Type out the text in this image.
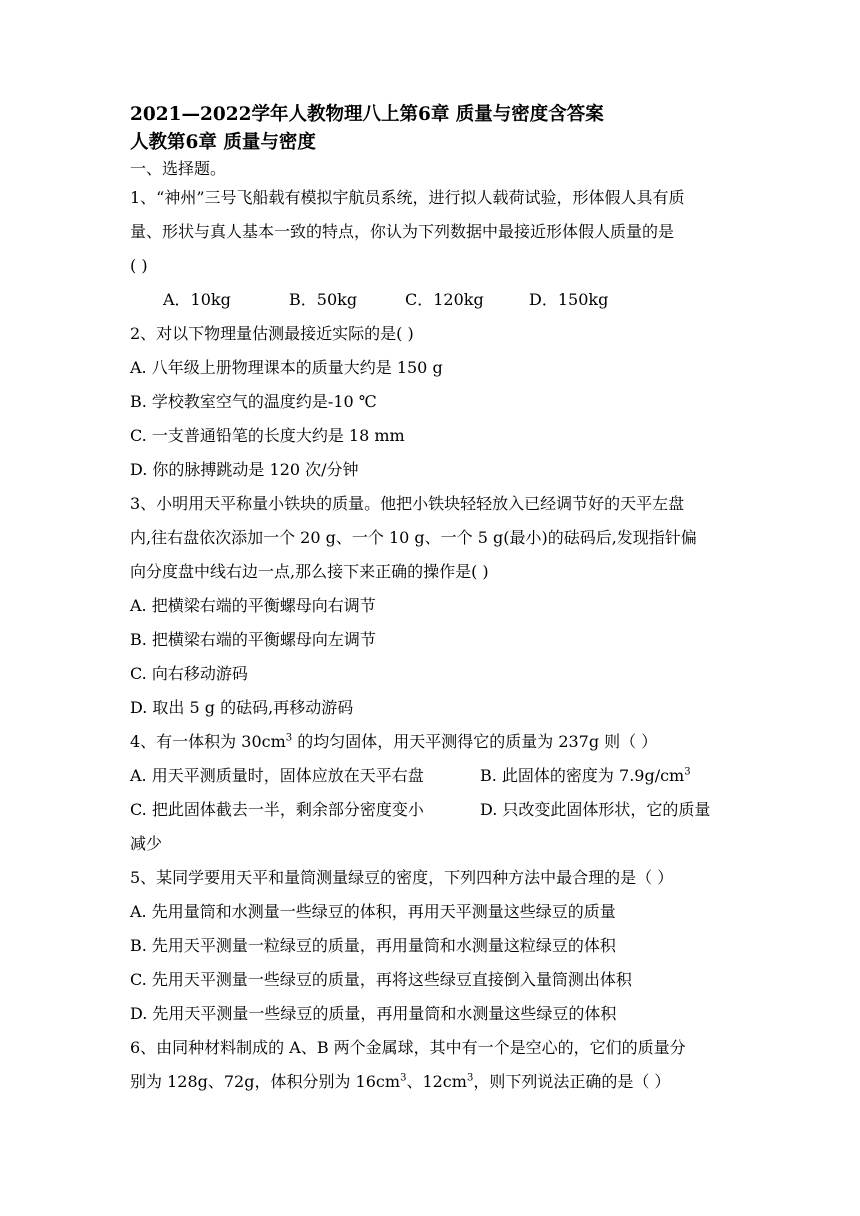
2021—2022学年人教物理八上第6章 质量与密度含答案

人教第6章 质量与密度

一、选择题。

1、“神州”三号飞船载有模拟宇航员系统，进行拟人载荷试验，形体假人具有质

量、形状与真人基本一致的特点，你认为下列数据中最接近形体假人质量的是

( )

A．10kg	B．50kg	C．120kg	D．150kg

2、对以下物理量估测最接近实际的是( )

A. 八年级上册物理课本的质量大约是 150 g

B. 学校教室空气的温度约是-10 ℃

C. 一支普通铅笔的长度大约是 18 mm

D. 你的脉搏跳动是 120 次/分钟

3、小明用天平称量小铁块的质量。他把小铁块轻轻放入已经调节好的天平左盘

内,往右盘依次添加一个 20 g、一个 10 g、一个 5 g(最小)的砝码后,发现指针偏

向分度盘中线右边一点,那么接下来正确的操作是( )

A. 把横梁右端的平衡螺母向右调节

B. 把横梁右端的平衡螺母向左调节

C. 向右移动游码

D. 取出 5 g 的砝码,再移动游码

4、有一体积为 $30cm^3$ 的均匀固体，用天平测得它的质量为 237g 则（ ）

A. 用天平测质量时，固体应放在天平右盘	B. 此固体的密度为 $7.9g/cm^3$
C. 把此固体截去一半，剩余部分密度变小	D. 只改变此固体形状，它的质量

减少

5、某同学要用天平和量筒测量绿豆的密度，下列四种方法中最合理的是（ ）

A. 先用量筒和水测量一些绿豆的体积，再用天平测量这些绿豆的质量

B. 先用天平测量一粒绿豆的质量，再用量筒和水测量这粒绿豆的体积

C. 先用天平测量一些绿豆的质量，再将这些绿豆直接倒入量筒测出体积

D. 先用天平测量一些绿豆的质量，再用量筒和水测量这些绿豆的体积

6、由同种材料制成的 A、B 两个金属球，其中有一个是空心的，它们的质量分

别为 128g、72g，体积分别为 $16cm^3$、$12cm^3$，则下列说法正确的是（ ）
